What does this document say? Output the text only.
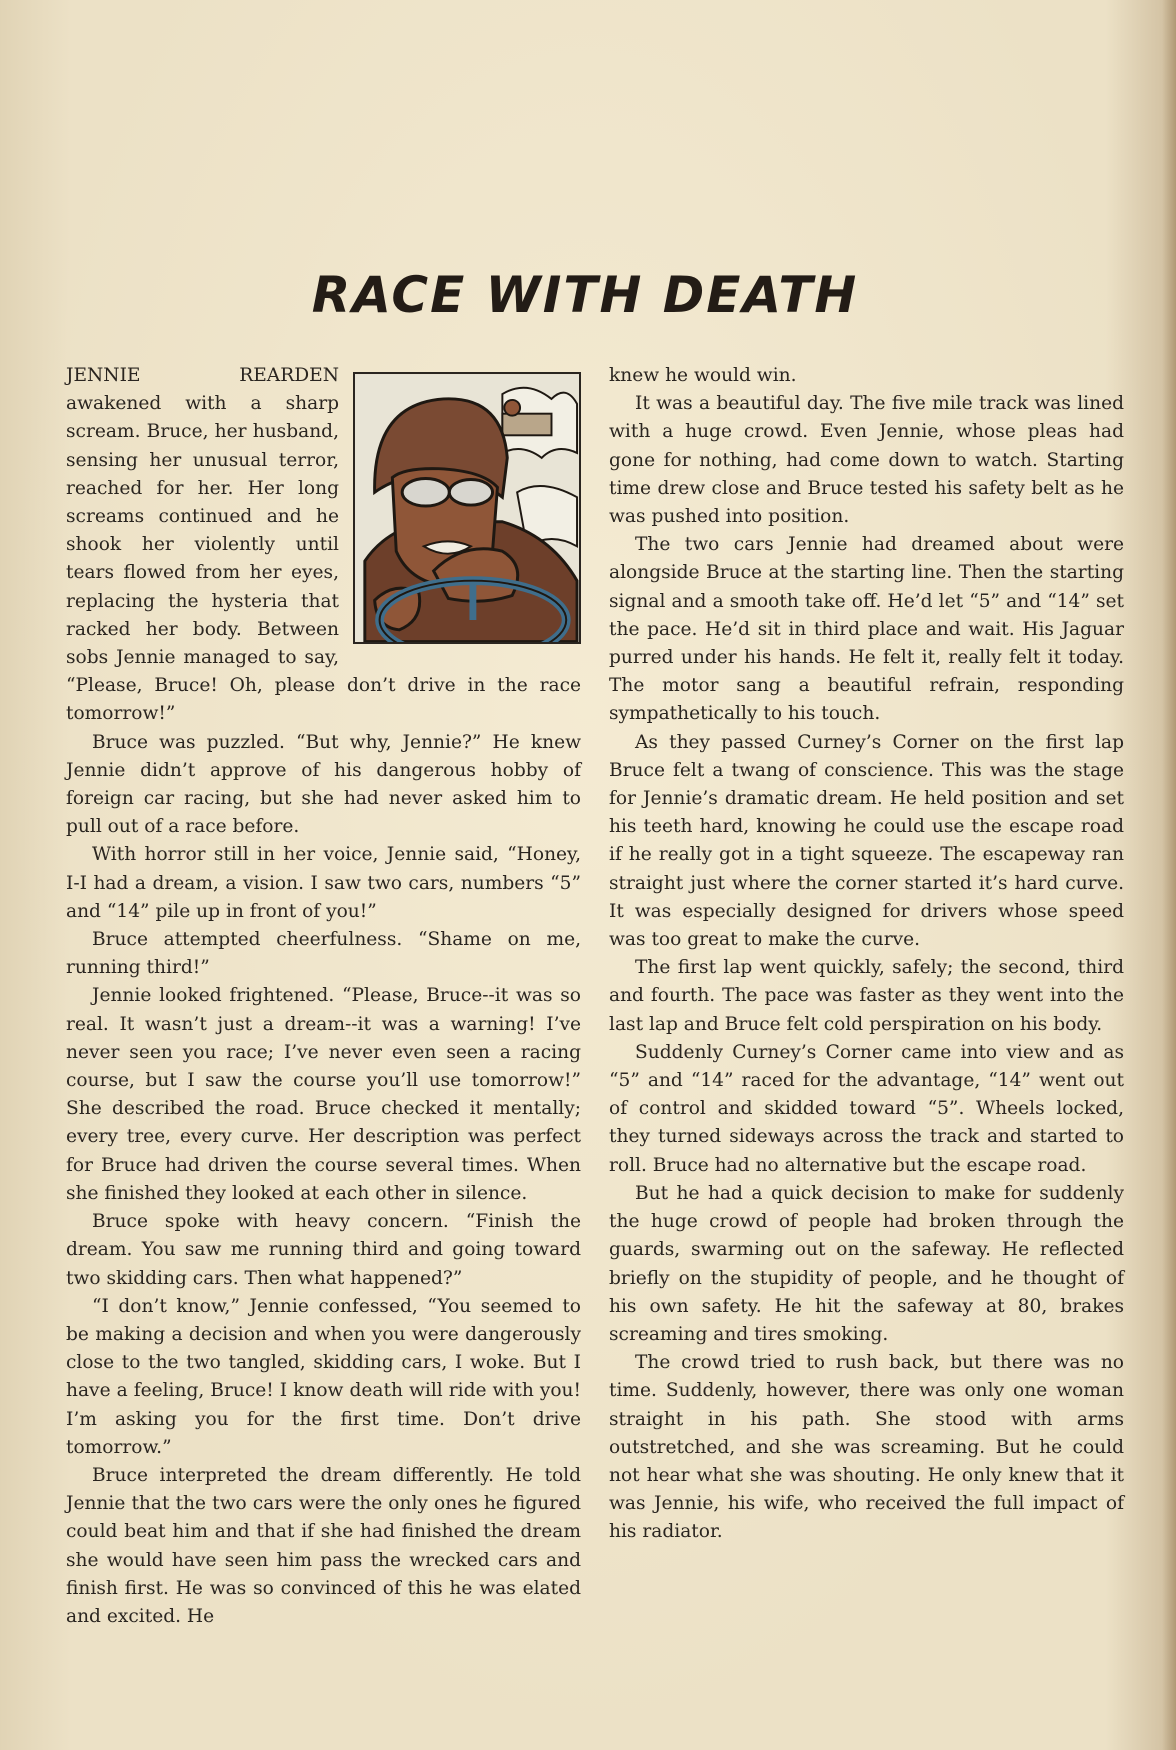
RACE WITH DEATH

JENNIE REARDEN awakened with a sharp scream. Bruce, her husband, sensing her unusual terror, reached for her. Her long screams continued and he shook her violently until tears flowed from her eyes, replacing the hysteria that racked her body. Between sobs Jennie managed to say, “Please, Bruce! Oh, please don’t drive in the race tomorrow!”

Bruce was puzzled. “But why, Jennie?” He knew Jennie didn’t approve of his dangerous hobby of foreign car racing, but she had never asked him to pull out of a race before.

With horror still in her voice, Jennie said, “Honey, I-I had a dream, a vision. I saw two cars, numbers “5” and “14” pile up in front of you!”

Bruce attempted cheerfulness. “Shame on me, running third!”

Jennie looked frightened. “Please, Bruce--it was so real. It wasn’t just a dream--it was a warning! I’ve never seen you race; I’ve never even seen a racing course, but I saw the course you’ll use tomorrow!” She described the road. Bruce checked it mentally; every tree, every curve. Her description was perfect for Bruce had driven the course several times. When she finished they looked at each other in silence.

Bruce spoke with heavy concern. “Finish the dream. You saw me running third and going toward two skidding cars. Then what happened?”

“I don’t know,” Jennie confessed, “You seemed to be making a decision and when you were dangerously close to the two tangled, skidding cars, I woke. But I have a feeling, Bruce! I know death will ride with you! I’m asking you for the first time. Don’t drive tomorrow.”

Bruce interpreted the dream differently. He told Jennie that the two cars were the only ones he figured could beat him and that if she had finished the dream she would have seen him pass the wrecked cars and finish first. He was so convinced of this he was elated and excited. He

knew he would win.

It was a beautiful day. The five mile track was lined with a huge crowd. Even Jennie, whose pleas had gone for nothing, had come down to watch. Starting time drew close and Bruce tested his safety belt as he was pushed into position.

The two cars Jennie had dreamed about were alongside Bruce at the starting line. Then the starting signal and a smooth take off. He’d let “5” and “14” set the pace. He’d sit in third place and wait. His Jaguar purred under his hands. He felt it, really felt it today. The motor sang a beautiful refrain, responding sympathetically to his touch.

As they passed Curney’s Corner on the first lap Bruce felt a twang of conscience. This was the stage for Jennie’s dramatic dream. He held position and set his teeth hard, knowing he could use the escape road if he really got in a tight squeeze. The escapeway ran straight just where the corner started it’s hard curve. It was especially designed for drivers whose speed was too great to make the curve.

The first lap went quickly, safely; the second, third and fourth. The pace was faster as they went into the last lap and Bruce felt cold perspiration on his body.

Suddenly Curney’s Corner came into view and as “5” and “14” raced for the advantage, “14” went out of control and skidded toward “5”. Wheels locked, they turned sideways across the track and started to roll. Bruce had no alternative but the escape road.

But he had a quick decision to make for suddenly the huge crowd of people had broken through the guards, swarming out on the safeway. He reflected briefly on the stupidity of people, and he thought of his own safety. He hit the safeway at 80, brakes screaming and tires smoking.

The crowd tried to rush back, but there was no time. Suddenly, however, there was only one woman straight in his path. She stood with arms outstretched, and she was screaming. But he could not hear what she was shouting. He only knew that it was Jennie, his wife, who received the full impact of his radiator.
